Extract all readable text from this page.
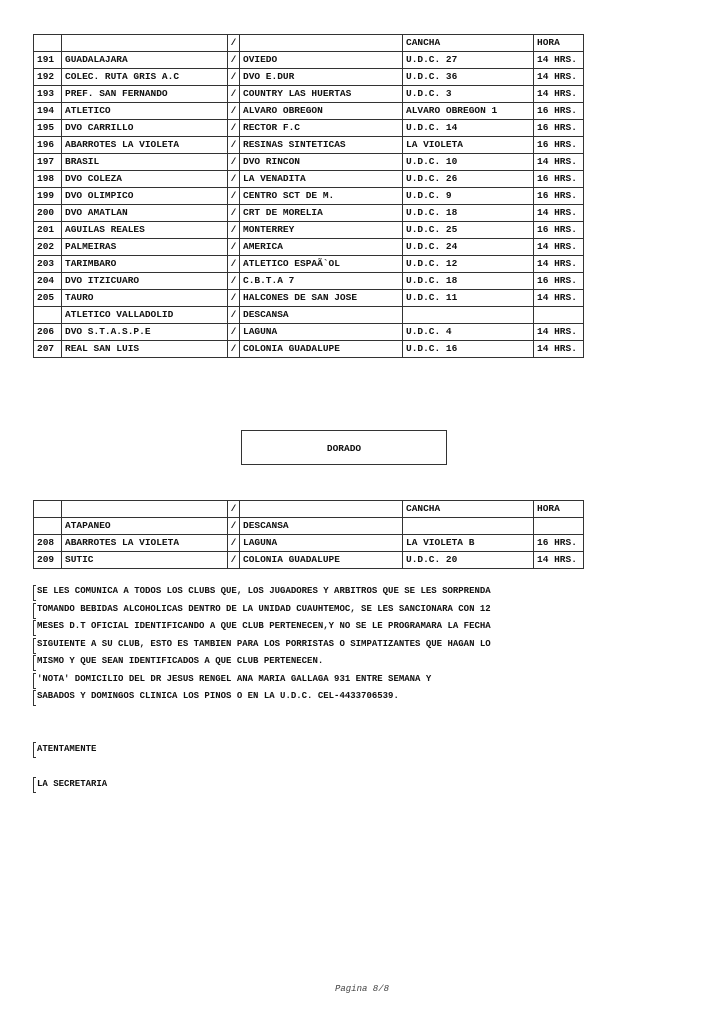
		/		CANCHA	HORA
191	GUADALAJARA	/	OVIEDO	U.D.C. 27	14 HRS.
192	COLEC. RUTA GRIS A.C	/	DVO E.DUR	U.D.C. 36	14 HRS.
193	PREF. SAN FERNANDO	/	COUNTRY LAS HUERTAS	U.D.C. 3	14 HRS.
194	ATLETICO	/	ALVARO OBREGON	ALVARO OBREGON 1	16 HRS.
195	DVO CARRILLO	/	RECTOR F.C	U.D.C. 14	16 HRS.
196	ABARROTES LA VIOLETA	/	RESINAS SINTETICAS	LA VIOLETA	16 HRS.
197	BRASIL	/	DVO RINCON	U.D.C. 10	14 HRS.
198	DVO COLEZA	/	LA VENADITA	U.D.C. 26	16 HRS.
199	DVO OLIMPICO	/	CENTRO SCT DE M.	U.D.C. 9	16 HRS.
200	DVO AMATLAN	/	CRT DE MORELIA	U.D.C. 18	14 HRS.
201	AGUILAS REALES	/	MONTERREY	U.D.C. 25	16 HRS.
202	PALMEIRAS	/	AMERICA	U.D.C. 24	14 HRS.
203	TARIMBARO	/	ATLETICO ESPAÃ`OL	U.D.C. 12	14 HRS.
204	DVO ITZICUARO	/	C.B.T.A 7	U.D.C. 18	16 HRS.
205	TAURO	/	HALCONES DE SAN JOSE	U.D.C. 11	14 HRS.
	ATLETICO VALLADOLID	/	DESCANSA		
206	DVO S.T.A.S.P.E	/	LAGUNA	U.D.C. 4	14 HRS.
207	REAL SAN LUIS	/	COLONIA GUADALUPE	U.D.C. 16	14 HRS.
DORADO
		/		CANCHA	HORA
	ATAPANEO	/	DESCANSA		
208	ABARROTES LA VIOLETA	/	LAGUNA	LA VIOLETA B	16 HRS.
209	SUTIC	/	COLONIA GUADALUPE	U.D.C. 20	14 HRS.
SE LES COMUNICA A TODOS LOS CLUBS QUE, LOS JUGADORES Y ARBITROS QUE SE LES SORPRENDA
TOMANDO BEBIDAS ALCOHOLICAS DENTRO DE LA UNIDAD CUAUHTEMOC, SE LES SANCIONARA CON 12
MESES D.T OFICIAL IDENTIFICANDO A QUE CLUB PERTENECEN,Y NO SE LE PROGRAMARA LA FECHA
SIGUIENTE A SU CLUB, ESTO ES TAMBIEN PARA LOS PORRISTAS O SIMPATIZANTES QUE HAGAN LO
MISMO Y QUE SEAN IDENTIFICADOS A QUE CLUB PERTENECEN.
'NOTA' DOMICILIO DEL DR JESUS RENGEL ANA MARIA GALLAGA 931 ENTRE SEMANA Y
SABADOS Y DOMINGOS CLINICA LOS PINOS O EN LA U.D.C. CEL-4433706539.
ATENTAMENTE
LA SECRETARIA
Pagina 8/8
